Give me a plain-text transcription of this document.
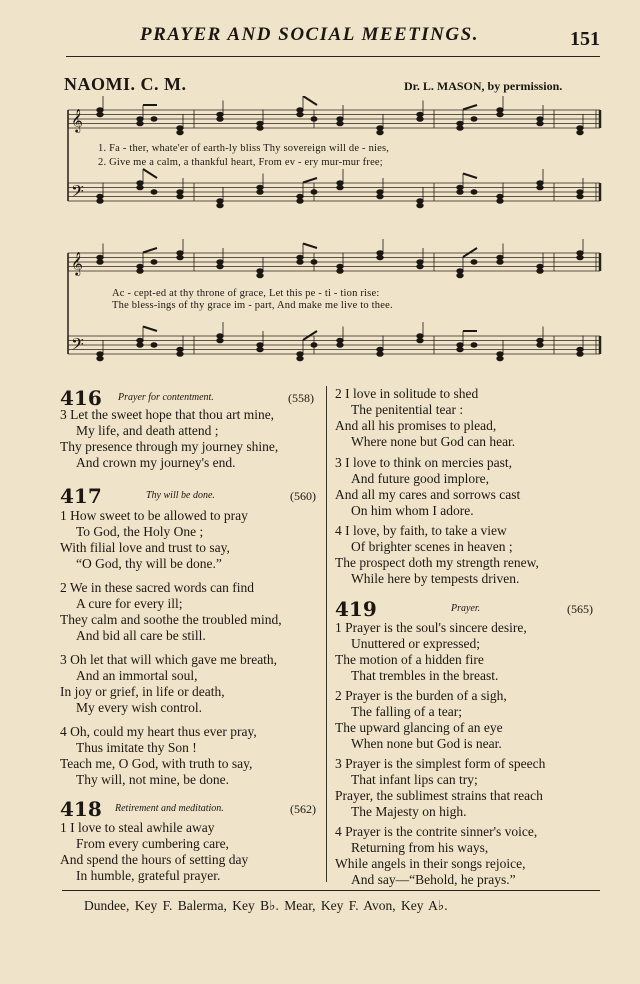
PRAYER AND SOCIAL MEETINGS.	151
NAOMI. C. M.	Dr. L. MASON, by permission.
𝄞
𝄞
𝄢
𝄢
1. Fa - ther, whate'er of earth-ly bliss Thy sovereign will de - nies,
2. Give me a calm, a thankful heart, From ev - ery mur-mur free;
Ac - cept-ed at thy throne of grace, Let this pe - ti - tion rise:
The bless-ings of thy grace im - part, And make me live to thee.
416 Prayer for contentment.	(558)
3 Let the sweet hope that thou art mine,
My life, and death attend ;
Thy presence through my journey shine,
And crown my journey's end.
417	Thy will be done.	(560)
1 How sweet to be allowed to pray
To God, the Holy One ;
With filial love and trust to say,
“O God, thy will be done.”
2 We in these sacred words can find
A cure for every ill;
They calm and soothe the troubled mind,
And bid all care be still.
3 Oh let that will which gave me breath,
And an immortal soul,
In joy or grief, in life or death,
My every wish control.
4 Oh, could my heart thus ever pray,
Thus imitate thy Son !
Teach me, O God, with truth to say,
Thy will, not mine, be done.
418 Retirement and meditation.	(562)
1 I love to steal awhile away
From every cumbering care,
And spend the hours of setting day
In humble, grateful prayer.
2 I love in solitude to shed
The penitential tear :
And all his promises to plead,
Where none but God can hear.
3 I love to think on mercies past,
And future good implore,
And all my cares and sorrows cast
On him whom I adore.
4 I love, by faith, to take a view
Of brighter scenes in heaven ;
The prospect doth my strength renew,
While here by tempests driven.
419	Prayer.	(565)
1 Prayer is the soul's sincere desire,
Unuttered or expressed;
The motion of a hidden fire
That trembles in the breast.
2 Prayer is the burden of a sigh,
The falling of a tear;
The upward glancing of an eye
When none but God is near.
3 Prayer is the simplest form of speech
That infant lips can try;
Prayer, the sublimest strains that reach
The Majesty on high.
4 Prayer is the contrite sinner's voice,
Returning from his ways,
While angels in their songs rejoice,
And say—“Behold, he prays.”
Dundee, Key F. Balerma, Key B♭. Mear, Key F. Avon, Key A♭.
